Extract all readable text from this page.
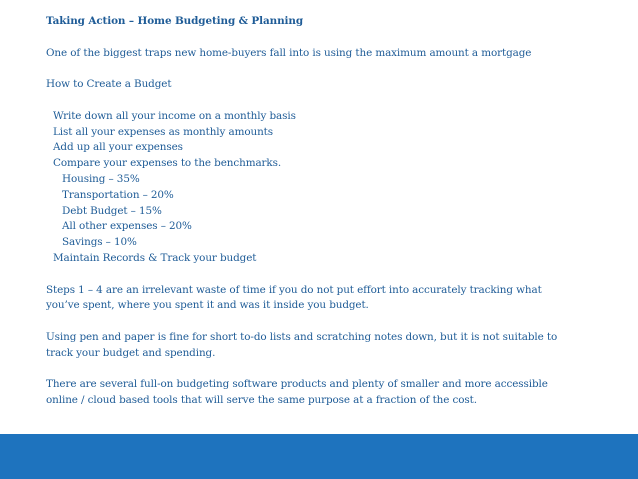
Taking Action – Home Budgeting & Planning
One of the biggest traps new home-buyers fall into is using the maximum amount a mortgage
How to Create a Budget
Write down all your income on a monthly basis
List all your expenses as monthly amounts
Add up all your expenses
Compare your expenses to the benchmarks.
Housing – 35%
Transportation – 20%
Debt Budget – 15%
All other expenses – 20%
Savings – 10%
Maintain Records & Track your budget
Steps 1 – 4 are an irrelevant waste of time if you do not put effort into accurately tracking what
you’ve spent, where you spent it and was it inside you budget.
Using pen and paper is fine for short to-do lists and scratching notes down, but it is not suitable to
track your budget and spending.
There are several full-on budgeting software products and plenty of smaller and more accessible
online / cloud based tools that will serve the same purpose at a fraction of the cost.
